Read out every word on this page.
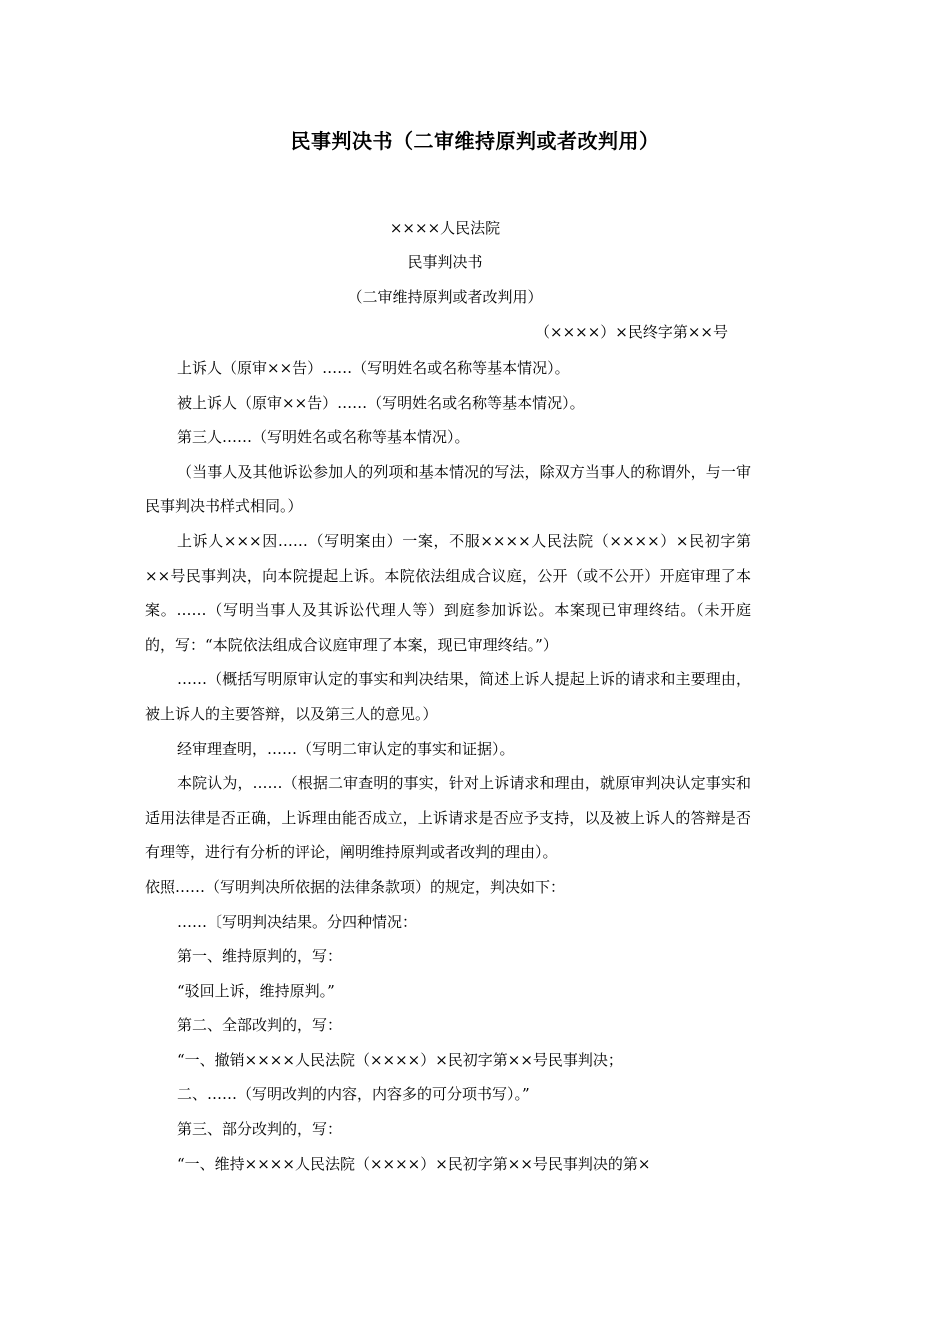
民事判决书（二审维持原判或者改判用）
××××人民法院
民事判决书
（二审维持原判或者改判用）
（××××）×民终字第××号

上诉人（原审××告）……（写明姓名或名称等基本情况）。

被上诉人（原审××告）……（写明姓名或名称等基本情况）。

第三人……（写明姓名或名称等基本情况）。

（当事人及其他诉讼参加人的列项和基本情况的写法，除双方当事人的称谓外，与一审民事判决书样式相同。）

上诉人×××因……（写明案由）一案，不服××××人民法院（××××）×民初字第××号民事判决，向本院提起上诉。本院依法组成合议庭，公开（或不公开）开庭审理了本案。……（写明当事人及其诉讼代理人等）到庭参加诉讼。本案现已审理终结。（未开庭的，写：“本院依法组成合议庭审理了本案，现已审理终结。”）

……（概括写明原审认定的事实和判决结果，简述上诉人提起上诉的请求和主要理由，被上诉人的主要答辩，以及第三人的意见。）

经审理查明，……（写明二审认定的事实和证据）。

本院认为，……（根据二审查明的事实，针对上诉请求和理由，就原审判决认定事实和适用法律是否正确，上诉理由能否成立，上诉请求是否应予支持，以及被上诉人的答辩是否有理等，进行有分析的评论，阐明维持原判或者改判的理由）。

依照……（写明判决所依据的法律条款项）的规定，判决如下：

……〔写明判决结果。分四种情况：

第一、维持原判的，写：

“驳回上诉，维持原判。”

第二、全部改判的，写：

“一、撤销××××人民法院（××××）×民初字第××号民事判决；

二、……（写明改判的内容，内容多的可分项书写）。”

第三、部分改判的，写：

“一、维持××××人民法院（××××）×民初字第××号民事判决的第×
